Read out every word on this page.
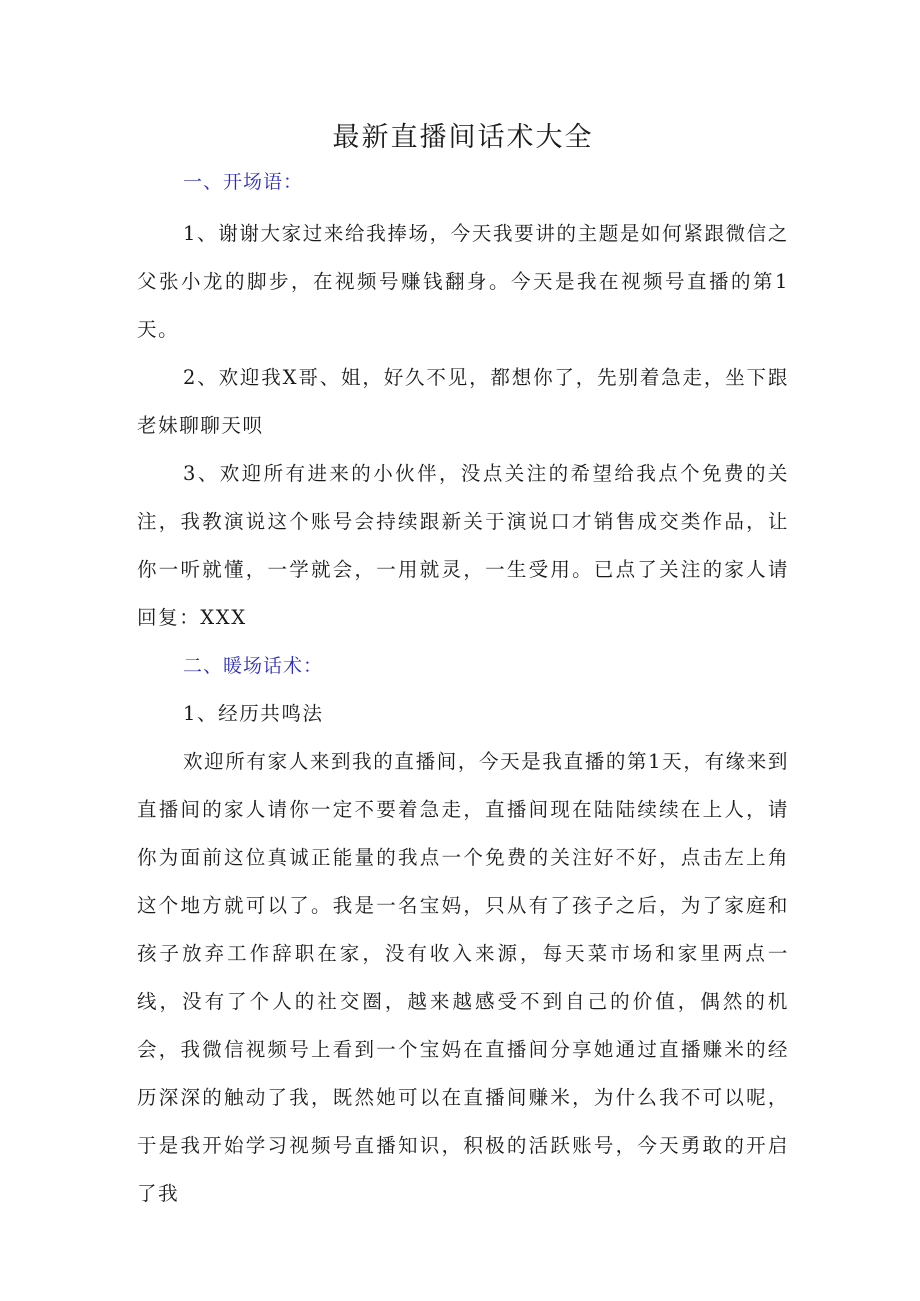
最新直播间话术大全
一、开场语：

1、谢谢大家过来给我捧场，今天我要讲的主题是如何紧跟微信之父张小龙的脚步，在视频号赚钱翻身。今天是我在视频号直播的第1天。

2、欢迎我X哥、姐，好久不见，都想你了，先别着急走，坐下跟老妹聊聊天呗

3、欢迎所有进来的小伙伴，没点关注的希望给我点个免费的关注，我教演说这个账号会持续跟新关于演说口才销售成交类作品，让你一听就懂，一学就会，一用就灵，一生受用。已点了关注的家人请回复：XXX

二、暖场话术：

1、经历共鸣法

欢迎所有家人来到我的直播间，今天是我直播的第1天，有缘来到直播间的家人请你一定不要着急走，直播间现在陆陆续续在上人，请你为面前这位真诚正能量的我点一个免费的关注好不好，点击左上角这个地方就可以了。我是一名宝妈，只从有了孩子之后，为了家庭和孩子放弃工作辞职在家，没有收入来源，每天菜市场和家里两点一线，没有了个人的社交圈，越来越感受不到自己的价值，偶然的机会，我微信视频号上看到一个宝妈在直播间分享她通过直播赚米的经历深深的触动了我，既然她可以在直播间赚米，为什么我不可以呢，于是我开始学习视频号直播知识，积极的活跃账号，今天勇敢的开启了我
